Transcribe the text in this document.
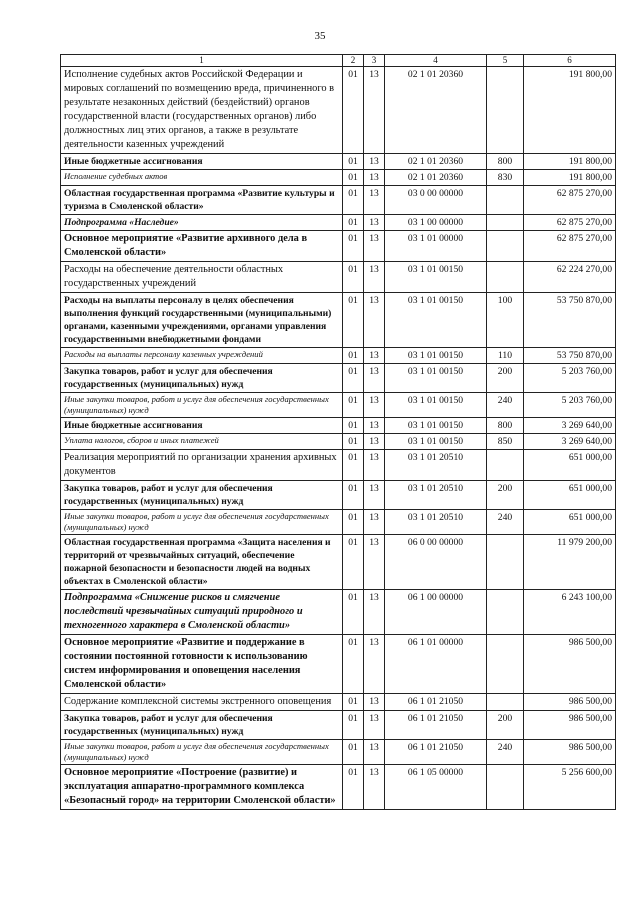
35
1	2	3	4	5	6
Исполнение судебных актов Российской Федерации и мировых соглашений по возмещению вреда, причиненного в результате незаконных действий (бездействий) органов государственной власти (государственных органов) либо должностных лиц этих органов, а также в результате деятельности казенных учреждений	01	13	02 1 01 20360		191 800,00
Иные бюджетные ассигнования	01	13	02 1 01 20360	800	191 800,00
Исполнение судебных актов	01	13	02 1 01 20360	830	191 800,00
Областная государственная программа «Развитие культуры и туризма в Смоленской области»	01	13	03 0 00 00000		62 875 270,00
Подпрограмма «Наследие»	01	13	03 1 00 00000		62 875 270,00
Основное мероприятие «Развитие архивного дела в Смоленской области»	01	13	03 1 01 00000		62 875 270,00
Расходы на обеспечение деятельности областных государственных учреждений	01	13	03 1 01 00150		62 224 270,00
Расходы на выплаты персоналу в целях обеспечения выполнения функций государственными (муниципальными) органами, казенными учреждениями, органами управления государственными внебюджетными фондами	01	13	03 1 01 00150	100	53 750 870,00
Расходы на выплаты персоналу казенных учреждений	01	13	03 1 01 00150	110	53 750 870,00
Закупка товаров, работ и услуг для обеспечения государственных (муниципальных) нужд	01	13	03 1 01 00150	200	5 203 760,00
Иные закупки товаров, работ и услуг для обеспечения государственных (муниципальных) нужд	01	13	03 1 01 00150	240	5 203 760,00
Иные бюджетные ассигнования	01	13	03 1 01 00150	800	3 269 640,00
Уплата налогов, сборов и иных платежей	01	13	03 1 01 00150	850	3 269 640,00
Реализация мероприятий по организации хранения архивных документов	01	13	03 1 01 20510		651 000,00
Закупка товаров, работ и услуг для обеспечения государственных (муниципальных) нужд	01	13	03 1 01 20510	200	651 000,00
Иные закупки товаров, работ и услуг для обеспечения государственных (муниципальных) нужд	01	13	03 1 01 20510	240	651 000,00
Областная государственная программа «Защита населения и территорий от чрезвычайных ситуаций, обеспечение пожарной безопасности и безопасности людей на водных объектах в Смоленской области»	01	13	06 0 00 00000		11 979 200,00
Подпрограмма «Снижение рисков и смягчение последствий чрезвычайных ситуаций природного и техногенного характера в Смоленской области»	01	13	06 1 00 00000		6 243 100,00
Основное мероприятие «Развитие и поддержание в состоянии постоянной готовности к использованию систем информирования и оповещения населения Смоленской области»	01	13	06 1 01 00000		986 500,00
Содержание комплексной системы экстренного оповещения	01	13	06 1 01 21050		986 500,00
Закупка товаров, работ и услуг для обеспечения государственных (муниципальных) нужд	01	13	06 1 01 21050	200	986 500,00
Иные закупки товаров, работ и услуг для обеспечения государственных (муниципальных) нужд	01	13	06 1 01 21050	240	986 500,00
Основное мероприятие «Построение (развитие) и эксплуатация аппаратно-программного комплекса «Безопасный город» на территории Смоленской области»	01	13	06 1 05 00000		5 256 600,00
